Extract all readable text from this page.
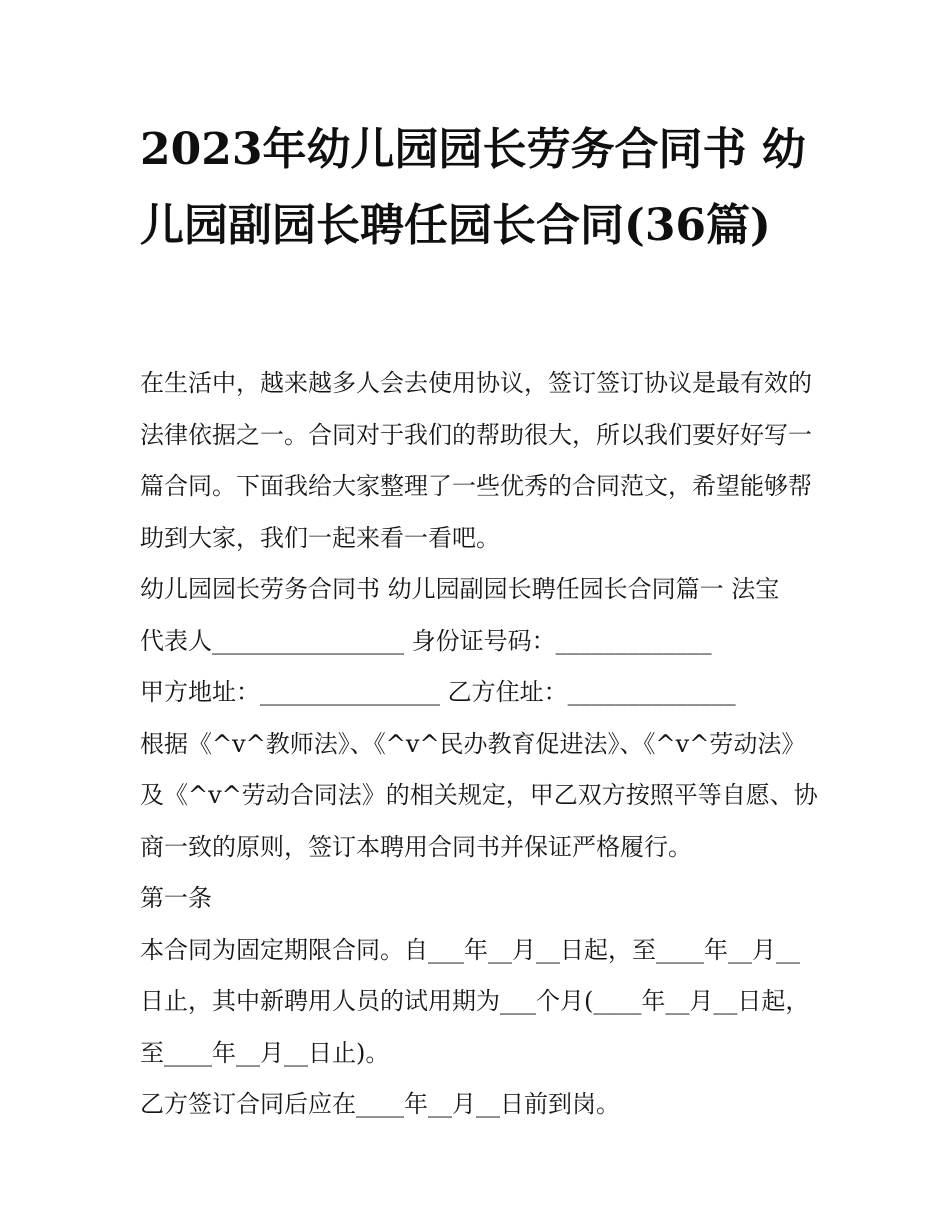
2023年幼儿园园长劳务合同书 幼儿园副园长聘任园长合同(36篇)

在生活中，越来越多人会去使用协议，签订签订协议是最有效的法律依据之一。合同对于我们的帮助很大，所以我们要好好写一篇合同。下面我给大家整理了一些优秀的合同范文，希望能够帮助到大家，我们一起来看一看吧。

幼儿园园长劳务合同书 幼儿园副园长聘任园长合同篇一 法宝

代表人________________ 身份证号码：_____________

甲方地址：_______________ 乙方住址：______________

根据《^v^教师法》、《^v^民办教育促进法》、《^v^劳动法》及《^v^劳动合同法》的相关规定，甲乙双方按照平等自愿、协商一致的原则，签订本聘用合同书并保证严格履行。

第一条

本合同为固定期限合同。自___年__月__日起，至____年__月__日止，其中新聘用人员的试用期为___个月(____年__月__日起，至____年__月__日止)。

乙方签订合同后应在____年__月__日前到岗。
